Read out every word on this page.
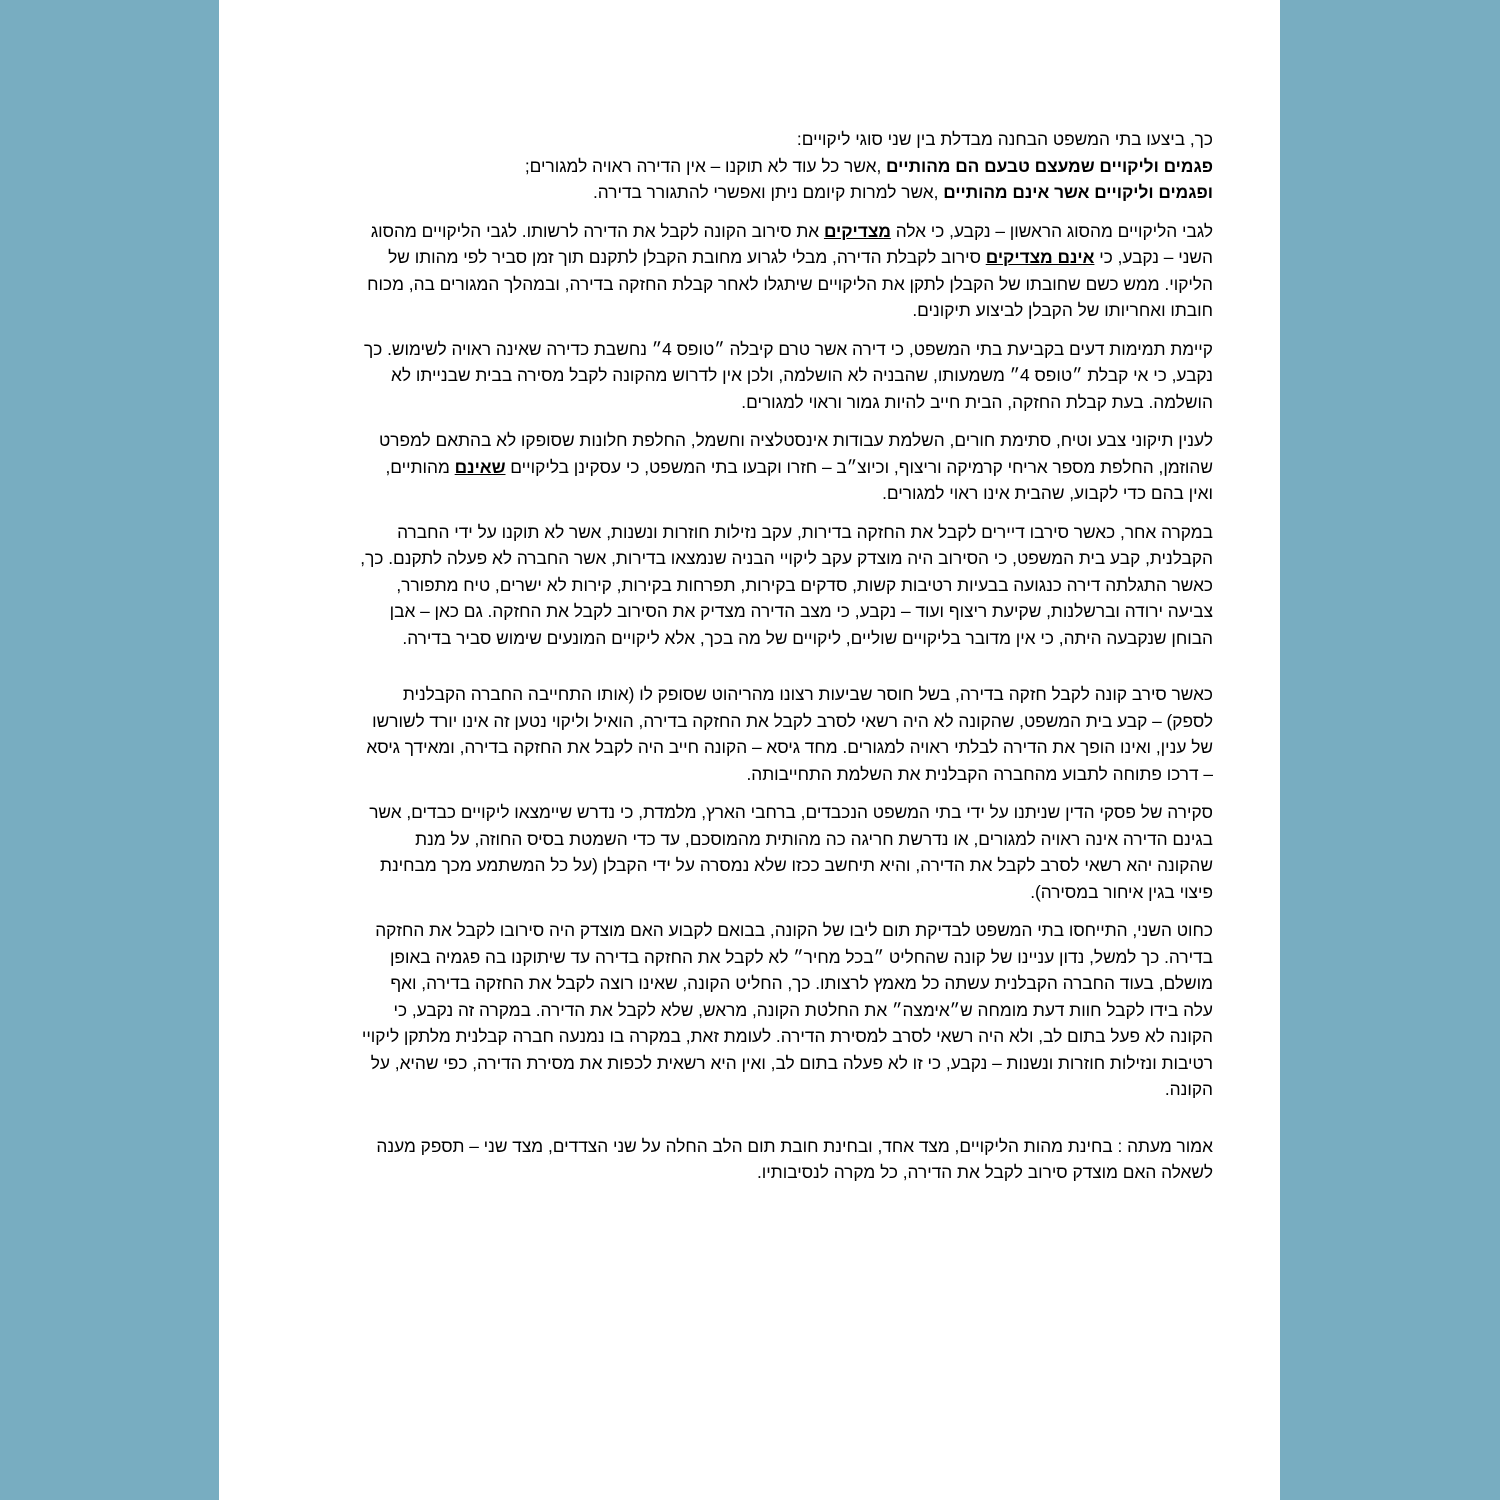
כך, ביצעו בתי המשפט הבחנה מבדלת בין שני סוגי ליקויים:
פגמים וליקויים שמעצם טבעם הם מהותיים ,אשר כל עוד לא תוקנו – אין הדירה ראויה למגורים;
ופגמים וליקויים אשר אינם מהותיים ,אשר למרות קיומם ניתן ואפשרי להתגורר בדירה.

לגבי הליקויים מהסוג הראשון – נקבע, כי אלה מצדיקים את סירוב הקונה לקבל את הדירה לרשותו. לגבי הליקויים מהסוג השני – נקבע, כי אינם מצדיקים סירוב לקבלת הדירה, מבלי לגרוע מחובת הקבלן לתקנם תוך זמן סביר לפי מהותו של הליקוי. ממש כשם שחובתו של הקבלן לתקן את הליקויים שיתגלו לאחר קבלת החזקה בדירה, ובמהלך המגורים בה, מכוח חובתו ואחריותו של הקבלן לביצוע תיקונים.

קיימת תמימות דעים בקביעת בתי המשפט, כי דירה אשר טרם קיבלה ״טופס 4״ נחשבת כדירה שאינה ראויה לשימוש. כך נקבע, כי אי קבלת ״טופס 4״ משמעותו, שהבניה לא הושלמה, ולכן אין לדרוש מהקונה לקבל מסירה בבית שבנייתו לא הושלמה. בעת קבלת החזקה, הבית חייב להיות גמור וראוי למגורים.

לענין תיקוני צבע וטיח, סתימת חורים, השלמת עבודות אינסטלציה וחשמל, החלפת חלונות שסופקו לא בהתאם למפרט שהוזמן, החלפת מספר אריחי קרמיקה וריצוף, וכיוצ״ב – חזרו וקבעו בתי המשפט, כי עסקינן בליקויים שאינם מהותיים, ואין בהם כדי לקבוע, שהבית אינו ראוי למגורים.

במקרה אחר, כאשר סירבו דיירים לקבל את החזקה בדירות, עקב נזילות חוזרות ונשנות, אשר לא תוקנו על ידי החברה הקבלנית, קבע בית המשפט, כי הסירוב היה מוצדק עקב ליקויי הבניה שנמצאו בדירות, אשר החברה לא פעלה לתקנם. כך, כאשר התגלתה דירה כנגועה בבעיות רטיבות קשות, סדקים בקירות, תפרחות בקירות, קירות לא ישרים, טיח מתפורר, צביעה ירודה וברשלנות, שקיעת ריצוף ועוד – נקבע, כי מצב הדירה מצדיק את הסירוב לקבל את החזקה. גם כאן – אבן הבוחן שנקבעה היתה, כי אין מדובר בליקויים שוליים, ליקויים של מה בכך, אלא ליקויים המונעים שימוש סביר בדירה.

כאשר סירב קונה לקבל חזקה בדירה, בשל חוסר שביעות רצונו מהריהוט שסופק לו (אותו התחייבה החברה הקבלנית לספק) – קבע בית המשפט, שהקונה לא היה רשאי לסרב לקבל את החזקה בדירה, הואיל וליקוי נטען זה אינו יורד לשורשו של ענין, ואינו הופך את הדירה לבלתי ראויה למגורים. מחד גיסא – הקונה חייב היה לקבל את החזקה בדירה, ומאידך גיסא – דרכו פתוחה לתבוע מהחברה הקבלנית את השלמת התחייבותה.

סקירה של פסקי הדין שניתנו על ידי בתי המשפט הנכבדים, ברחבי הארץ, מלמדת, כי נדרש שיימצאו ליקויים כבדים, אשר בגינם הדירה אינה ראויה למגורים, או נדרשת חריגה כה מהותית מהמוסכם, עד כדי השמטת בסיס החוזה, על מנת שהקונה יהא רשאי לסרב לקבל את הדירה, והיא תיחשב ככזו שלא נמסרה על ידי הקבלן (על כל המשתמע מכך מבחינת פיצוי בגין איחור במסירה).

כחוט השני, התייחסו בתי המשפט לבדיקת תום ליבו של הקונה, בבואם לקבוע האם מוצדק היה סירובו לקבל את החזקה בדירה. כך למשל, נדון עניינו של קונה שהחליט ״בכל מחיר״ לא לקבל את החזקה בדירה עד שיתוקנו בה פגמיה באופן מושלם, בעוד החברה הקבלנית עשתה כל מאמץ לרצותו. כך, החליט הקונה, שאינו רוצה לקבל את החזקה בדירה, ואף עלה בידו לקבל חוות דעת מומחה ש״אימצה״ את החלטת הקונה, מראש, שלא לקבל את הדירה. במקרה זה נקבע, כי הקונה לא פעל בתום לב, ולא היה רשאי לסרב למסירת הדירה. לעומת זאת, במקרה בו נמנעה חברה קבלנית מלתקן ליקויי רטיבות ונזילות חוזרות ונשנות – נקבע, כי זו לא פעלה בתום לב, ואין היא רשאית לכפות את מסירת הדירה, כפי שהיא, על הקונה.

אמור מעתה : בחינת מהות הליקויים, מצד אחד, ובחינת חובת תום הלב החלה על שני הצדדים, מצד שני – תספק מענה לשאלה האם מוצדק סירוב לקבל את הדירה, כל מקרה לנסיבותיו.
